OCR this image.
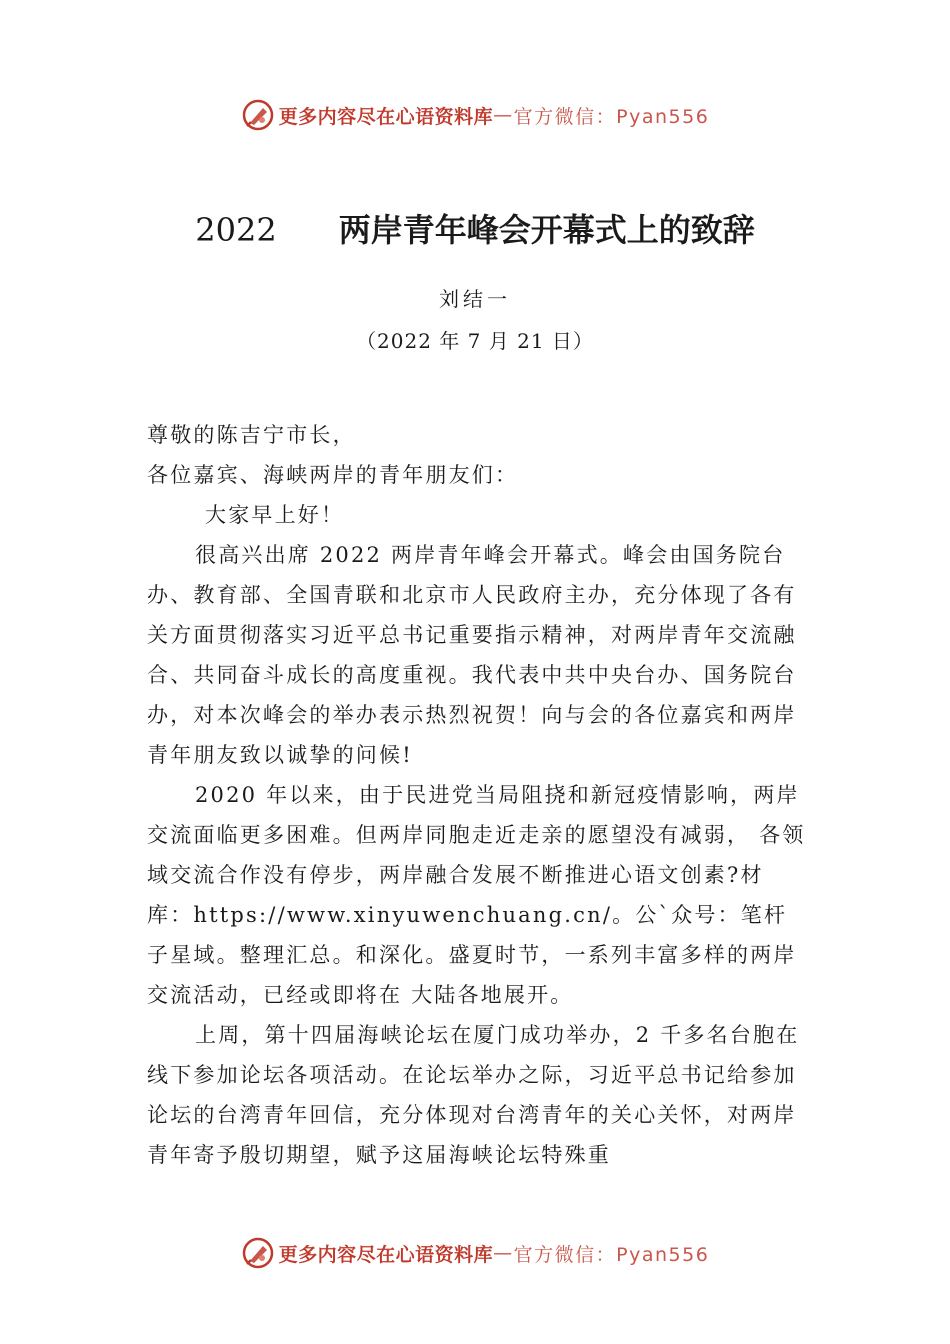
更多内容尽在心语资料库 — 官方微信：Pyan556
2022 两岸青年峰会开幕式上的致辞
刘结一
（2022 年 7 月 21 日）

尊敬的陈吉宁市长，

各位嘉宾、海峡两岸的青年朋友们：

大家早上好！

很高兴出席 2022 两岸青年峰会开幕式。峰会由国务院台办、教育部、全国青联和北京市人民政府主办，充分体现了各有关方面贯彻落实习近平总书记重要指示精神，对两岸青年交流融合、共同奋斗成长的高度重视。我代表中共中央台办、国务院台办，对本次峰会的举办表示热烈祝贺！向与会的各位嘉宾和两岸青年朋友致以诚挚的问候!

2020 年以来，由于民进党当局阻挠和新冠疫情影响，两岸交流面临更多困难。但两岸同胞走近走亲的愿望没有减弱， 各领域交流合作没有停步，两岸融合发展不断推进心语文创素?材库：https://www.xinyuwenchuang.cn/。公`众号：笔杆子星域。整理汇总。和深化。盛夏时节，一系列丰富多样的两岸交流活动，已经或即将在 大陆各地展开。

上周，第十四届海峡论坛在厦门成功举办，2 千多名台胞在线下参加论坛各项活动。在论坛举办之际，习近平总书记给参加论坛的台湾青年回信，充分体现对台湾青年的关心关怀，对两岸青年寄予殷切期望，赋予这届海峡论坛特殊重

更多内容尽在心语资料库 — 官方微信：Pyan556
